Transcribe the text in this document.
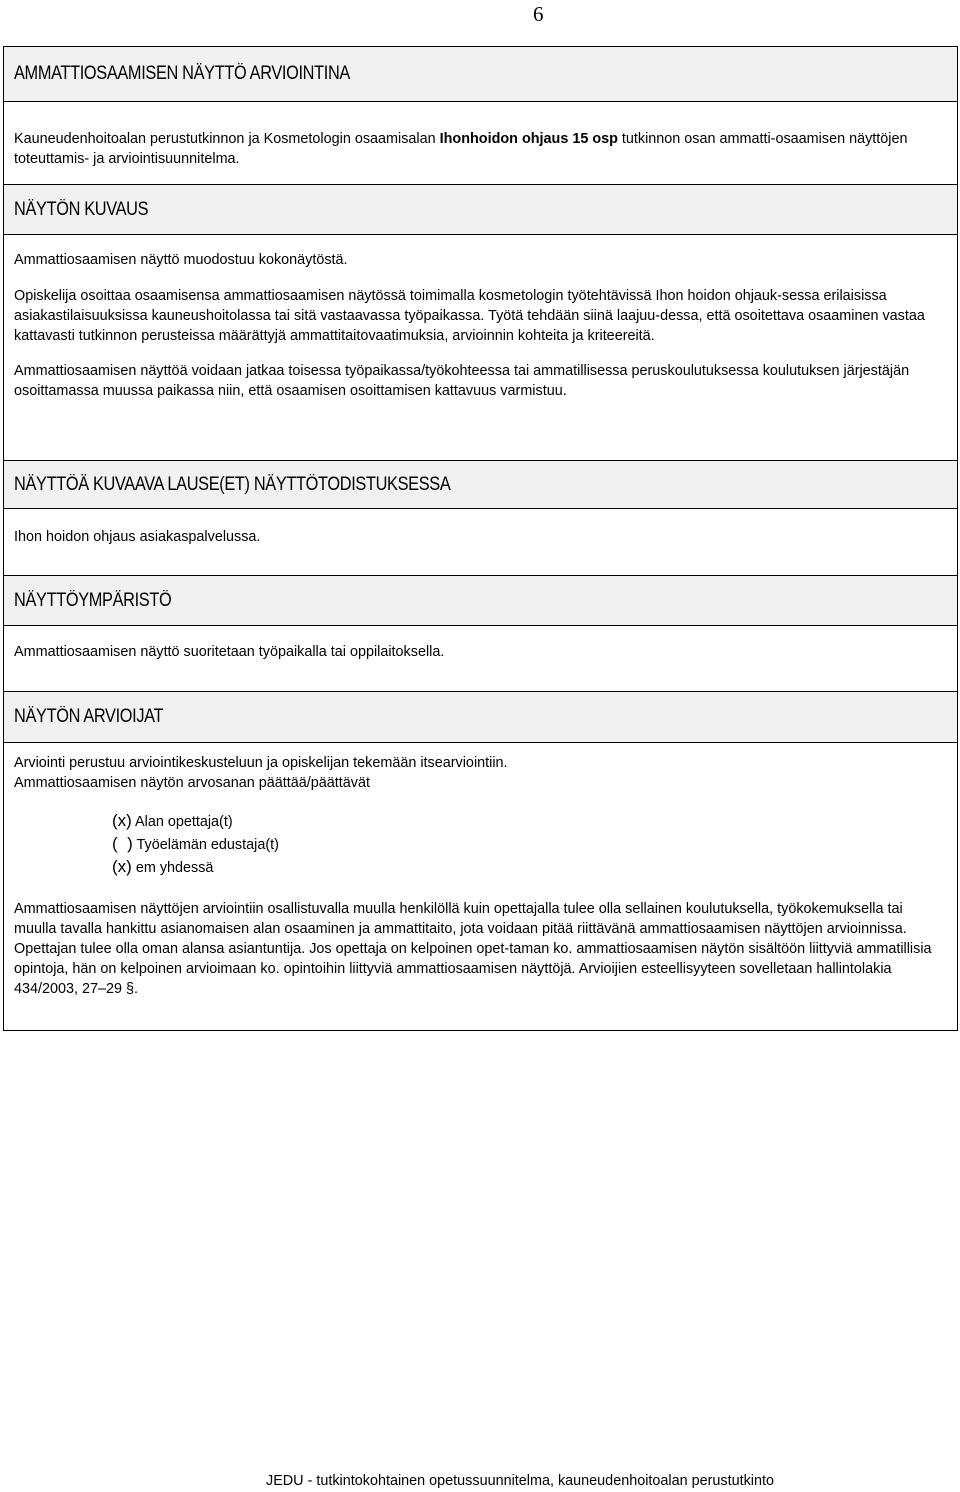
6
AMMATTIOSAAMISEN NÄYTTÖ ARVIOINTINA

Kauneudenhoitoalan perustutkinnon ja Kosmetologin osaamisalan Ihonhoidon ohjaus 15 osp tutkinnon osan ammatti-osaamisen näyttöjen toteuttamis- ja arviointisuunnitelma.

NÄYTÖN KUVAUS

Ammattiosaamisen näyttö muodostuu kokonäytöstä.

Opiskelija osoittaa osaamisensa ammattiosaamisen näytössä toimimalla kosmetologin työtehtävissä Ihon hoidon ohjauk-sessa erilaisissa asiakastilaisuuksissa kauneushoitolassa tai sitä vastaavassa työpaikassa. Työtä tehdään siinä laajuu-dessa, että osoitettava osaaminen vastaa kattavasti tutkinnon perusteissa määrättyjä ammattitaitovaatimuksia, arvioinnin kohteita ja kriteereitä.

Ammattiosaamisen näyttöä voidaan jatkaa toisessa työpaikassa/työkohteessa tai ammatillisessa peruskoulutuksessa koulutuksen järjestäjän osoittamassa muussa paikassa niin, että osaamisen osoittamisen kattavuus varmistuu.

NÄYTTÖÄ KUVAAVA LAUSE(ET) NÄYTTÖTODISTUKSESSA

Ihon hoidon ohjaus asiakaspalvelussa.

NÄYTTÖYMPÄRISTÖ

Ammattiosaamisen näyttö suoritetaan työpaikalla tai oppilaitoksella.

NÄYTÖN ARVIOIJAT

Arviointi perustuu arviointikeskusteluun ja opiskelijan tekemään itsearviointiin.

Ammattiosaamisen näytön arvosanan päättää/päättävät

(x) Alan opettaja(t)

(  ) Työelämän edustaja(t)

(x) em yhdessä

Ammattiosaamisen näyttöjen arviointiin osallistuvalla muulla henkilöllä kuin opettajalla tulee olla sellainen koulutuksella, työkokemuksella tai muulla tavalla hankittu asianomaisen alan osaaminen ja ammattitaito, jota voidaan pitää riittävänä ammattiosaamisen näyttöjen arvioinnissa. Opettajan tulee olla oman alansa asiantuntija. Jos opettaja on kelpoinen opet-taman ko. ammattiosaamisen näytön sisältöön liittyviä ammatillisia opintoja, hän on kelpoinen arvioimaan ko. opintoihin liittyviä ammattiosaamisen näyttöjä. Arvioijien esteellisyyteen sovelletaan hallintolakia 434/2003, 27–29 §.

JEDU - tutkintokohtainen opetussuunnitelma, kauneudenhoitoalan perustutkinto
